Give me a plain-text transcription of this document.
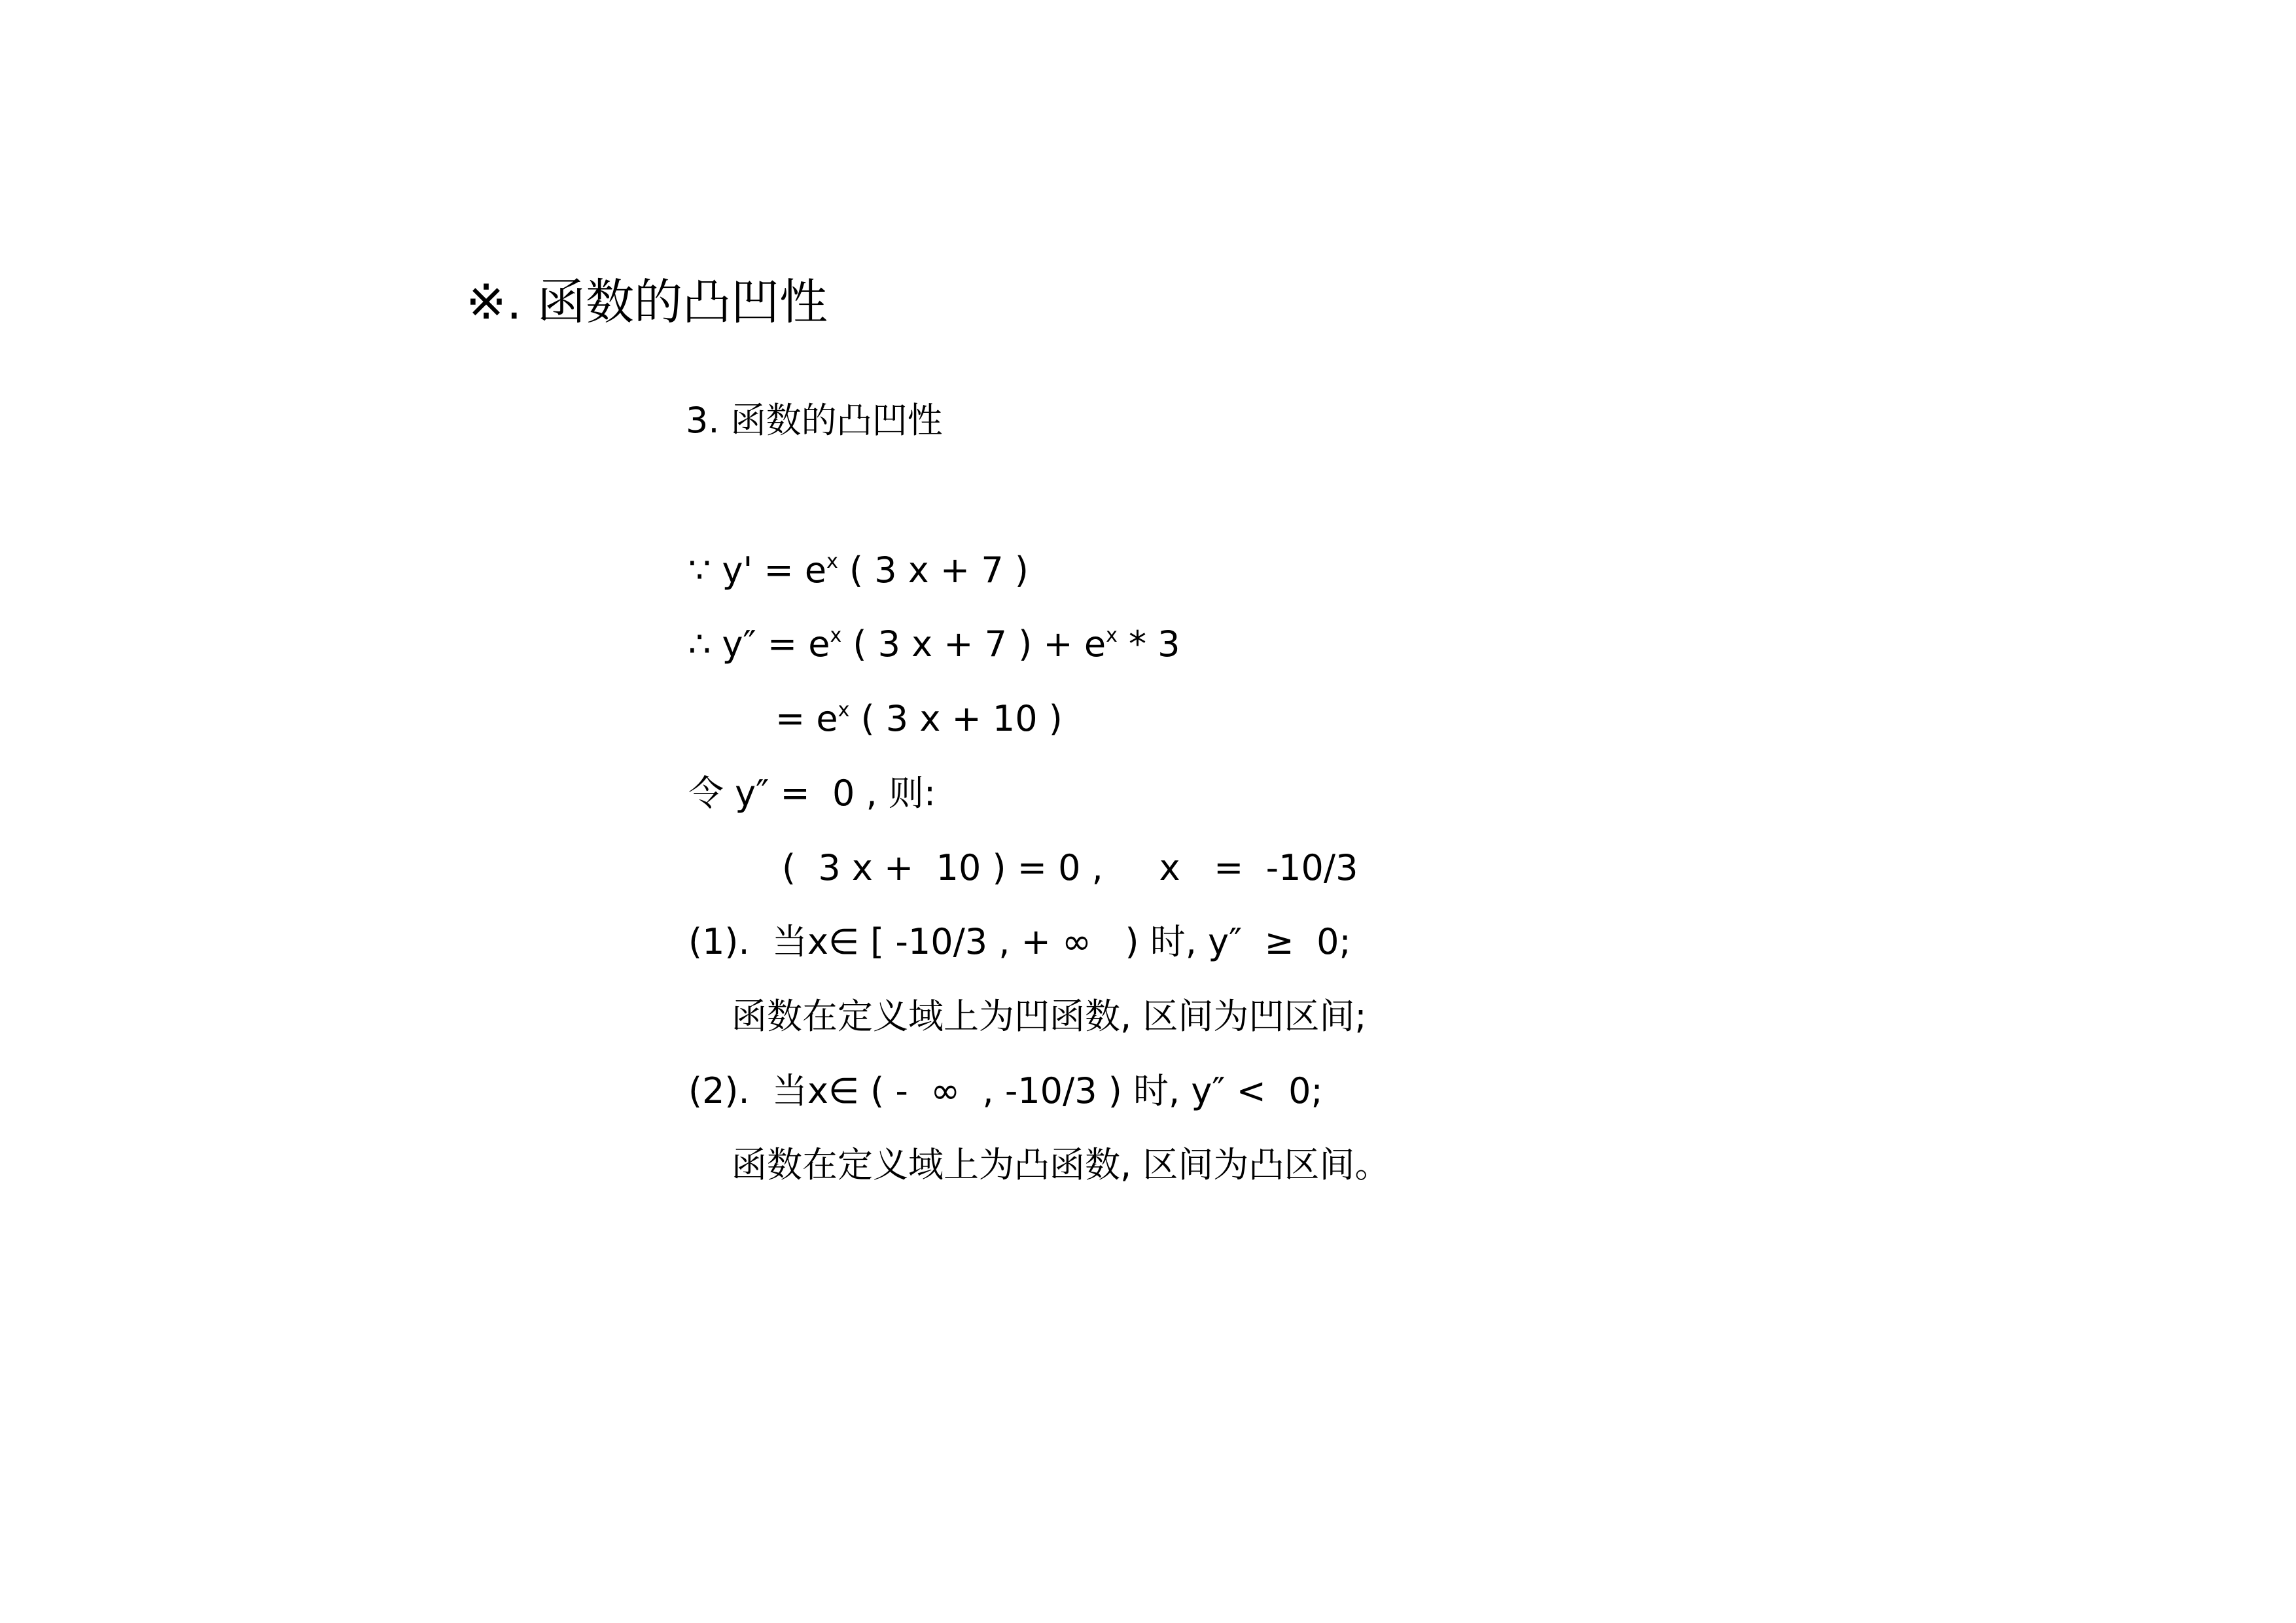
※. 函数的凸凹性
3. 函数的凸凹性
∵ $y' = e^x$ ( 3 x + 7 )
∴ $y'' = e^x$ ( 3 x + 7 ) + $e^x * 3$
= $e^x$ ( 3 x + 10 )
令 y″ =  0 , 则:
(  3 x +  10 ) = 0 ,     x   =  -10/3
(1).  当x∈ [ -10/3 , + ∞   ) 时, y″  ≥  0;
函数在定义域上为凹函数, 区间为凹区间;
(2).  当x∈ ( -  ∞  , -10/3 ) 时, y″ <  0;
函数在定义域上为凸函数, 区间为凸区间。
